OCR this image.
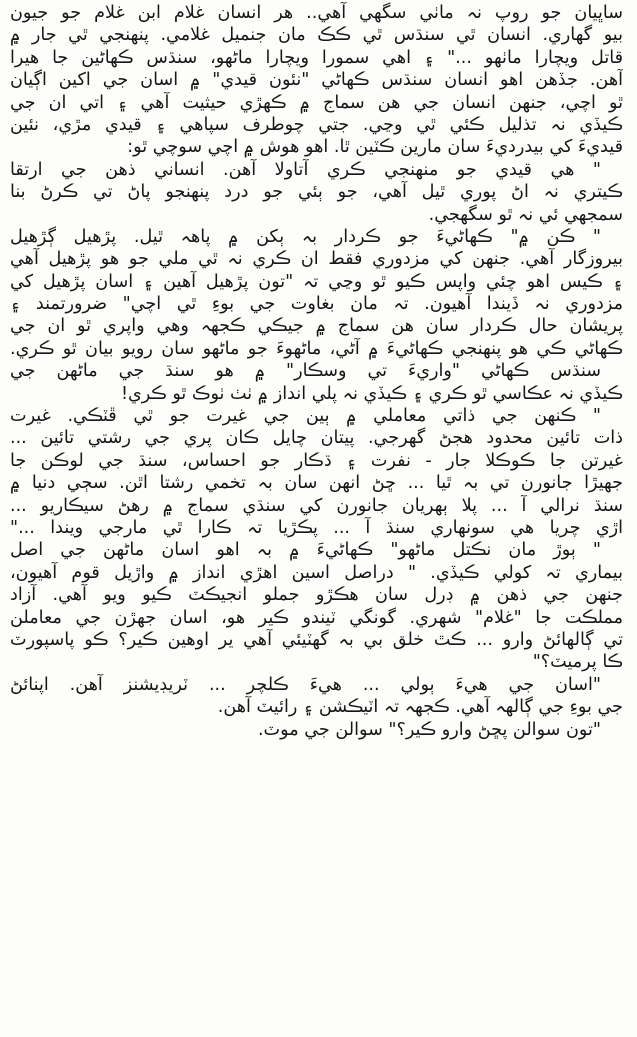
ساڀيان جو روپ نہ ماٺي سگهي آهي.. هر انسان غلام ابن غلام جو جيون
بيو گهاري. انسان ٿي سنڌس ٿي ڪڪ مان جنميل غلامي. پنهنجي ٿي جار ۾
قاتل ويچارا ماٺهو ..." ۽ اهي سمورا ويچارا ماڻهو، سنڌس ڪهاڻين جا هيرا
آهن. جڏهن اهو انسان سنڌس ڪهاڻي "نئون قيدي" ۾ اسان جي اکين اڳيان
ٿو اچي، جنهن انسان جي هن سماج ۾ ڪهڙي حيثيت آهي ۽ اتي ان جي
ڪيڏي نہ تذليل ڪئي ٿي وڃي. جتي چوطرف سپاهي ۽ قيدي مڙي، نئين
قيديءَ کي بيدرديءَ سان مارين ڪٽين ٿا. اهو هوش ۾ اچي سوچي ٿو:
" هي قيدي جو منهنجي ڪري آتاولا آهن. انساني ذهن جي ارتقا
ڪيتري نہ اڻ پوري ٿيل آهي، جو ٻئي جو درد پنهنجو پاڻ تي ڪرڻ بنا
سمجهي ئي نہ ٿو سگهجي.
" ڪن ۾" ڪهاڻيءَ جو ڪردار بہ ٻکن ۾ پاهہ ٿيل. پڙهيل ڳڙهيل
بيروزگار آهي. جنهن کي مزدوري فقط ان ڪري نہ ٿي ملي جو هو پڙهيل آهي
۽ ڪيس اهو چئي واپس ڪيو ٿو وڃي تہ "تون پڙهيل آهين ۽ اسان پڙهيل کي
مزدوري نہ ڏيندا آهيون. تہ مان بغاوت جي بوءِ ٿي اچي" ضرورتمند ۽
پريشان حال ڪردار سان هن سماج ۾ جيڪي ڪجهہ وهي واپري ٿو ان جي
ڪهاڻي ڪي هو پنهنجي ڪهاڻيءَ ۾ آڻي، ماڻهوءَ جو ماڻهو سان رويو بيان ٿو ڪري.
سنڌس ڪهاڻي "واريءَ تي وسڪار" ۾ هو سنڌ جي ماڻهن جي
ڪيڏي نہ عڪاسي ٿو ڪري ۽ ڪيڏي نہ پلي انداز ۾ ٺٺ ٺوڪ ٿو ڪري!
" ڪنهن جي ذاتي معاملي ۾ ٻين جي غيرت جو ٿي ڦٽڪي. غيرت
ذات تائين محدود هجڻ گهرجي. پيتان چايل ڪان پري جي رشتي تائين ...
غيرتن جا ڪوڪلا جار - نفرت ۽ ڌڪار جو احساس، سنڌ جي لوڪن جا
جهيڙا جانورن تي بہ ٿيا ... ڇڻ انهن سان بہ تخمي رشتا اٿن. سڄي دنيا ۾
سنڌ نرالي آ ... پلا ٻهريان جانورن کي سنڌي سماج ۾ رهڻ سيڪاريو ...
اڙي چريا هي سونهاري سنڌ آ ... پڪڙيا تہ ڪارا ٿي مارجي ويندا ..."
" ٻوڙ مان نڪتل ماڻهو" ڪهاڻيءَ ۾ بہ اهو اسان ماڻهن جي اصل
بيماري تہ کولي ڪيڏي. " دراصل اسين اهڙي انداز ۾ واڙيل قوم آهيون،
جنهن جي ذهن ۾ ڊرل سان هڪڙو جملو انجيڪٽ ڪيو ويو آهي. آزاد
مملڪت جا "غلام" شهري. گونگي ٽيندو ڪير هو، اسان جهڙن جي معاملن
تي ڳالهائڻ وارو ... ڪٿ خلق بي بہ گهٽيئي آهي ير اوهين ڪير؟ ڪو پاسپورٽ
ڪا پرميٽ؟"
"اسان جي هيءَ ٻولي ... هيءَ ڪلچر ... ٽريڊيشنز آهن. اپنائڻ
جي بوءِ جي ڳالهہ آهي. ڪجهہ تہ اٽيڪشن ۽ رائيٽ آهن.
"تون سوالن پڇڻ وارو ڪير؟" سوالن جي موٽ.
